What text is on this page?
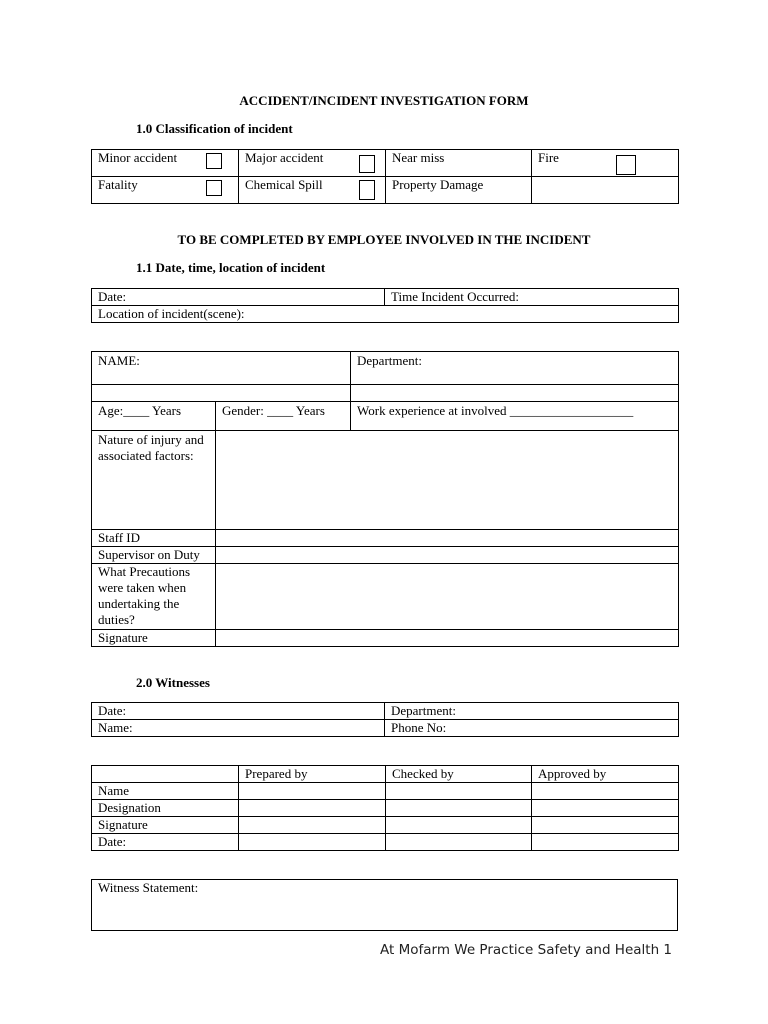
ACCIDENT/INCIDENT INVESTIGATION FORM
1.0 Classification of incident
Minor accident	Major accident	Near miss	Fire

Fatality	Chemical Spill	Property Damage	
TO BE COMPLETED BY EMPLOYEE INVOLVED IN THE INCIDENT
1.1 Date, time, location of incident
Date:	Time Incident Occurred:
Location of incident(scene):
NAME:		Department:

Age:____ Years	Gender: ____ Years	Work experience at involved ___________________
Nature of injury and associated factors:		
Staff ID		
Supervisor on Duty		
What Precautions were taken when undertaking the duties?		
Signature		
2.0 Witnesses
Date:	Department:
Name:	Phone No:
	Prepared by	Checked by	Approved by
Name			
Designation			
Signature			
Date:			
Witness Statement:
At Mofarm We Practice Safety and Health 1
